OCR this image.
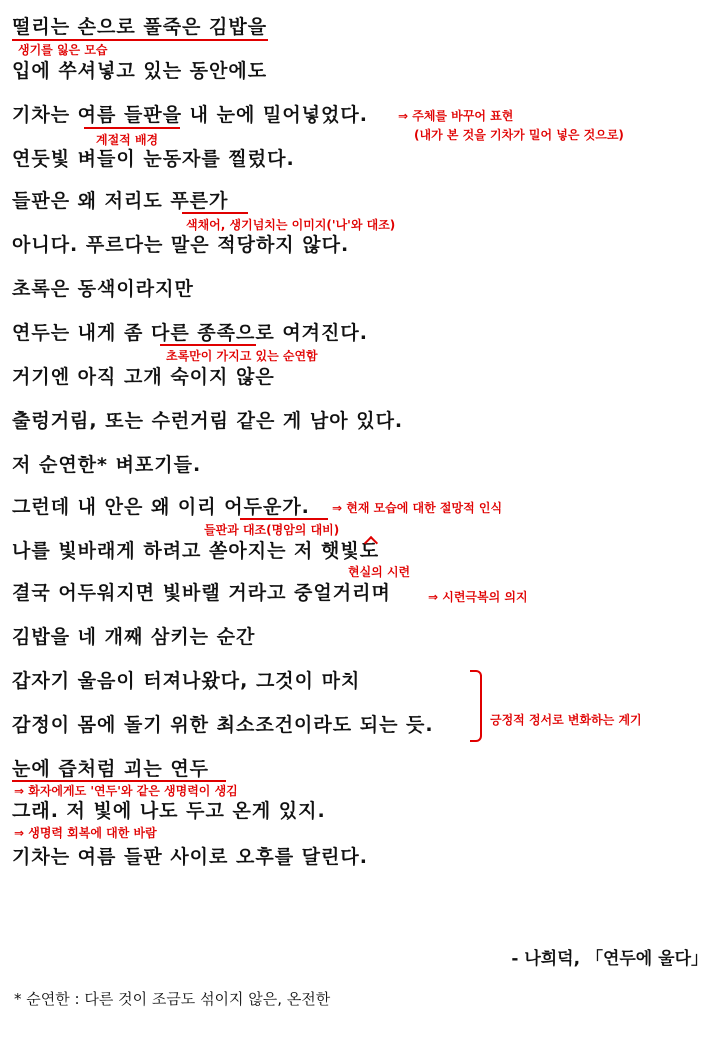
떨리는 손으로 풀죽은 김밥을
입에 쑤셔넣고 있는 동안에도
기차는 여름 들판을 내 눈에 밀어넣었다.
연둣빛 벼들이 눈동자를 찔렀다.
들판은 왜 저리도 푸른가
아니다. 푸르다는 말은 적당하지 않다.
초록은 동색이라지만
연두는 내게 좀 다른 종족으로 여겨진다.
거기엔 아직 고개 숙이지 않은
출렁거림, 또는 수런거림 같은 게 남아 있다.
저 순연한* 벼포기들.
그런데 내 안은 왜 이리 어두운가.
나를 빛바래게 하려고 쏟아지는 저 햇빛도
결국 어두워지면 빛바랠 거라고 중얼거리며
김밥을 네 개째 삼키는 순간
갑자기 울음이 터져나왔다, 그것이 마치
감정이 몸에 돌기 위한 최소조건이라도 되는 듯.
눈에 즙처럼 괴는 연두
그래. 저 빛에 나도 두고 온게 있지.
기차는 여름 들판 사이로 오후를 달린다.
생기를 잃은 모습
⇒ 주체를 바꾸어 표현
(내가 본 것을 기차가 밀어 넣은 것으로)
계절적 배경
색채어, 생기넘치는 이미지('나'와 대조)
초록만이 가지고 있는 순연함
⇒ 현재 모습에 대한 절망적 인식
들판과 대조(명암의 대비)
현실의 시련
⇒ 시련극복의 의지
긍정적 정서로 변화하는 계기
⇒ 화자에게도 '연두'와 같은 생명력이 생김
⇒ 생명력 회복에 대한 바람
- 나희덕, 「연두에 울다」
* 순연한 : 다른 것이 조금도 섞이지 않은, 온전한
